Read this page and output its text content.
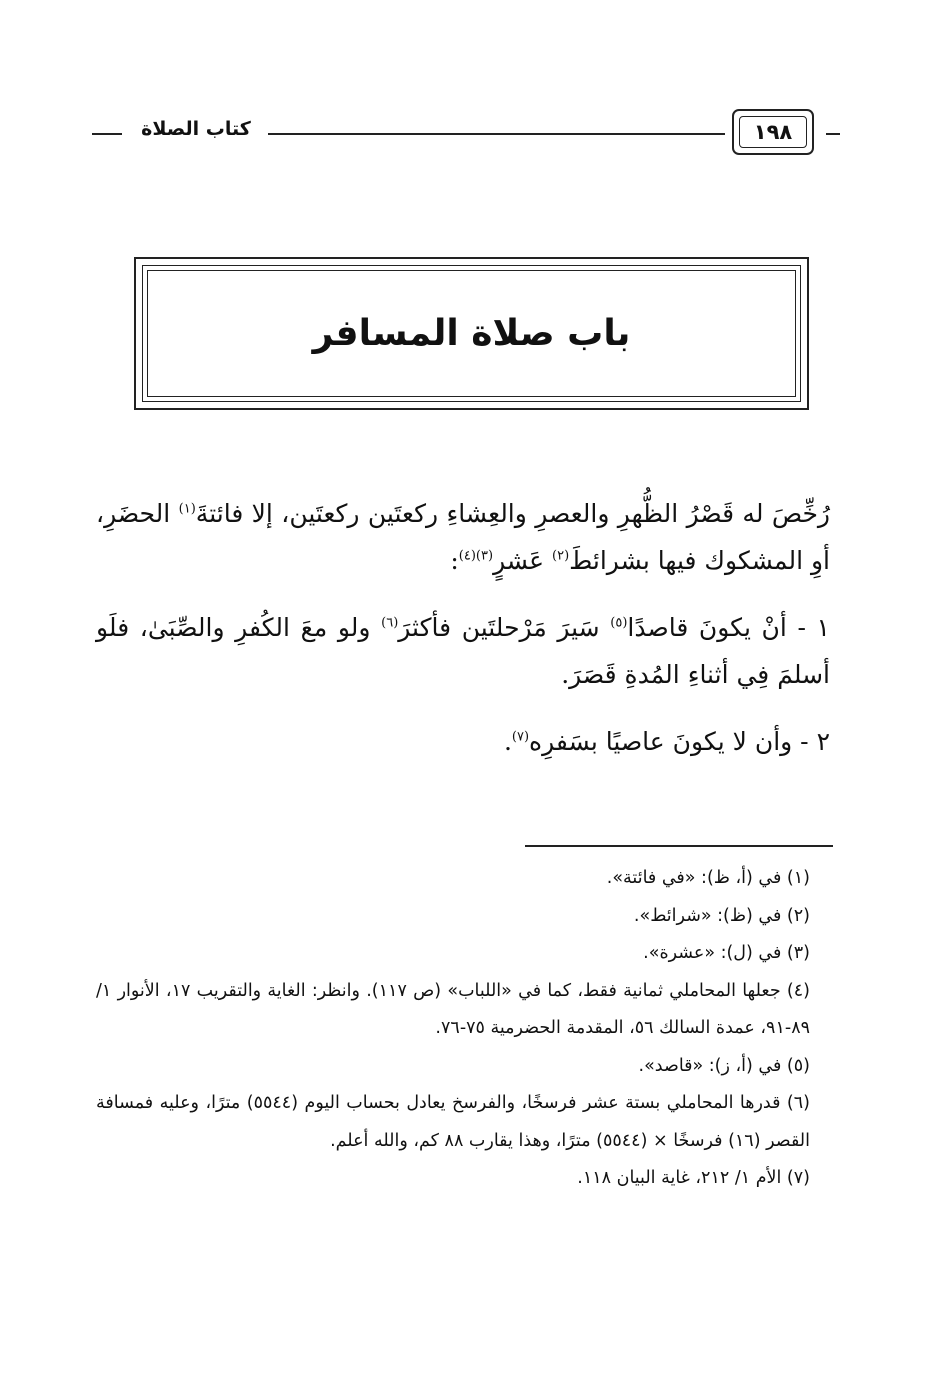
كتاب الصلاة	١٩٨
باب صلاة المسافر

رُخِّصَ له قَصْرُ الظُّهرِ والعصرِ والعِشاءِ ركعتَين ركعتَين، إلا فائتةَ$^{(١)}$ الحضَرِ، أوِ المشكوك فيها بشرائطَ$^{(٢)}$ عَشرٍ$^{(٣)(٤)}$:

١ - أنْ يكونَ قاصدًا$^{(٥)}$ سَيرَ مَرْحلتَين فأكثرَ$^{(٦)}$ ولو معَ الكُفرِ والصِّبَىٰ، فلَو أسلمَ فِي أثناءِ المُدةِ قَصَرَ.

٢ - وأن لا يكونَ عاصيًا بسَفرِه$^{(٧)}$.

(١) في (أ، ظ): «في فائتة».

(٢) في (ظ): «شرائط».

(٣) في (ل): «عشرة».

(٤) جعلها المحاملي ثمانية فقط، كما في «اللباب» (ص ١١٧). وانظر: الغاية والتقريب ١٧، الأنوار ١/ ٨٩-٩١، عمدة السالك ٥٦، المقدمة الحضرمية ٧٥-٧٦.

(٥) في (أ، ز): «قاصد».

(٦) قدرها المحاملي بستة عشر فرسخًا، والفرسخ يعادل بحساب اليوم (٥٥٤٤) مترًا، وعليه فمسافة القصر (١٦) فرسخًا × (٥٥٤٤) مترًا، وهذا يقارب ٨٨ كم، والله أعلم.

(٧) الأم ١/ ٢١٢، غاية البيان ١١٨.
